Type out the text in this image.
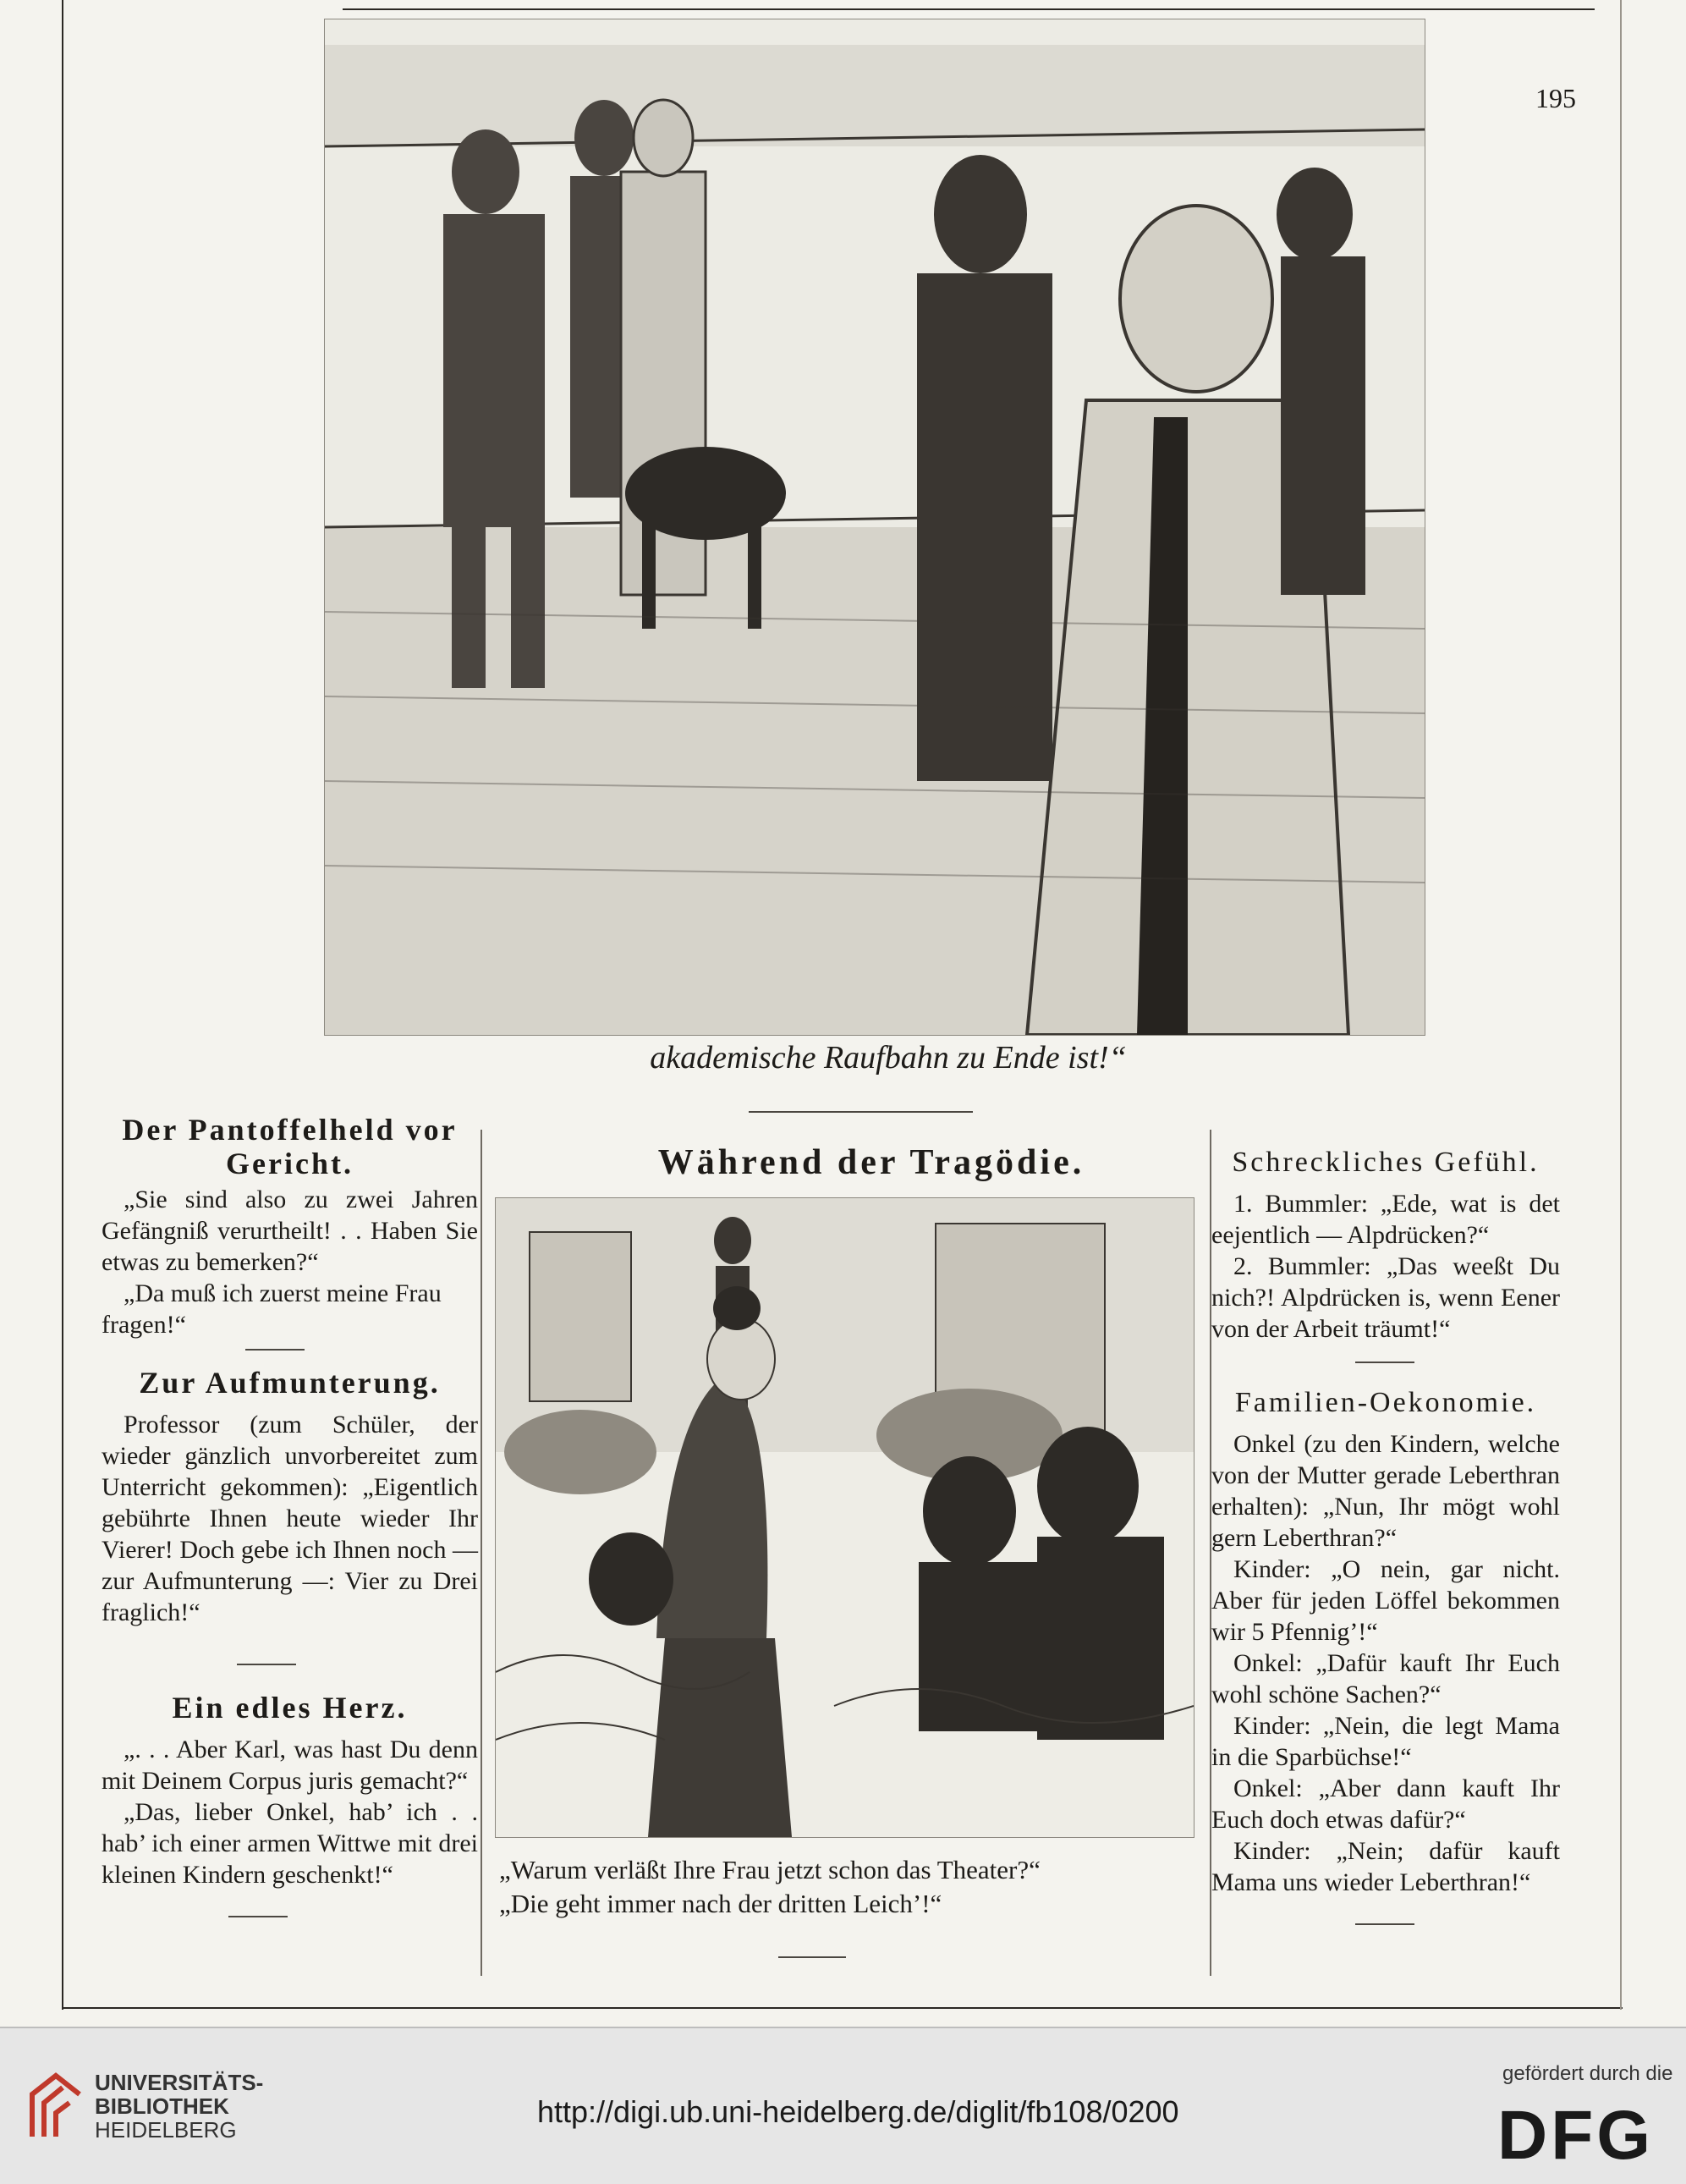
195
akademische Raufbahn zu Ende ist!“
Der Pantoffelheld vor Gericht.

„Sie sind also zu zwei Jahren Gefängniß verurtheilt! . . Haben Sie etwas zu bemerken?“

„Da muß ich zuerst meine Frau fragen!“

Zur Aufmunterung.

Professor (zum Schüler, der wieder gänzlich unvorbereitet zum Unterricht gekommen): „Eigentlich gebührte Ihnen heute wieder Ihr Vierer! Doch gebe ich Ihnen noch — zur Aufmunterung —: Vier zu Drei fraglich!“

Ein edles Herz.

„. . . Aber Karl, was hast Du denn mit Deinem Corpus juris gemacht?“

„Das, lieber Onkel, hab’ ich . . hab’ ich einer armen Wittwe mit drei kleinen Kindern geschenkt!“

Während der Tragödie.
„Warum verläßt Ihre Frau jetzt schon das Theater?“
„Die geht immer nach der dritten Leich’!“
Schreckliches Gefühl.

1. Bummler: „Ede, wat is det eejentlich — Alpdrücken?“

2. Bummler: „Das weeßt Du nich?! Alpdrücken is, wenn Eener von der Arbeit träumt!“

Familien-Oekonomie.

Onkel (zu den Kindern, welche von der Mutter gerade Leberthran erhalten): „Nun, Ihr mögt wohl gern Leberthran?“

Kinder: „O nein, gar nicht. Aber für jeden Löffel bekommen wir 5 Pfennig’!“

Onkel: „Dafür kauft Ihr Euch wohl schöne Sachen?“

Kinder: „Nein, die legt Mama in die Sparbüchse!“

Onkel: „Aber dann kauft Ihr Euch doch etwas dafür?“

Kinder: „Nein; dafür kauft Mama uns wieder Leberthran!“

UNIVERSITÄTS-
BIBLIOTHEK
HEIDELBERG
http://digi.ub.uni-heidelberg.de/diglit/fb108/0200
gefördert durch die
DFG
